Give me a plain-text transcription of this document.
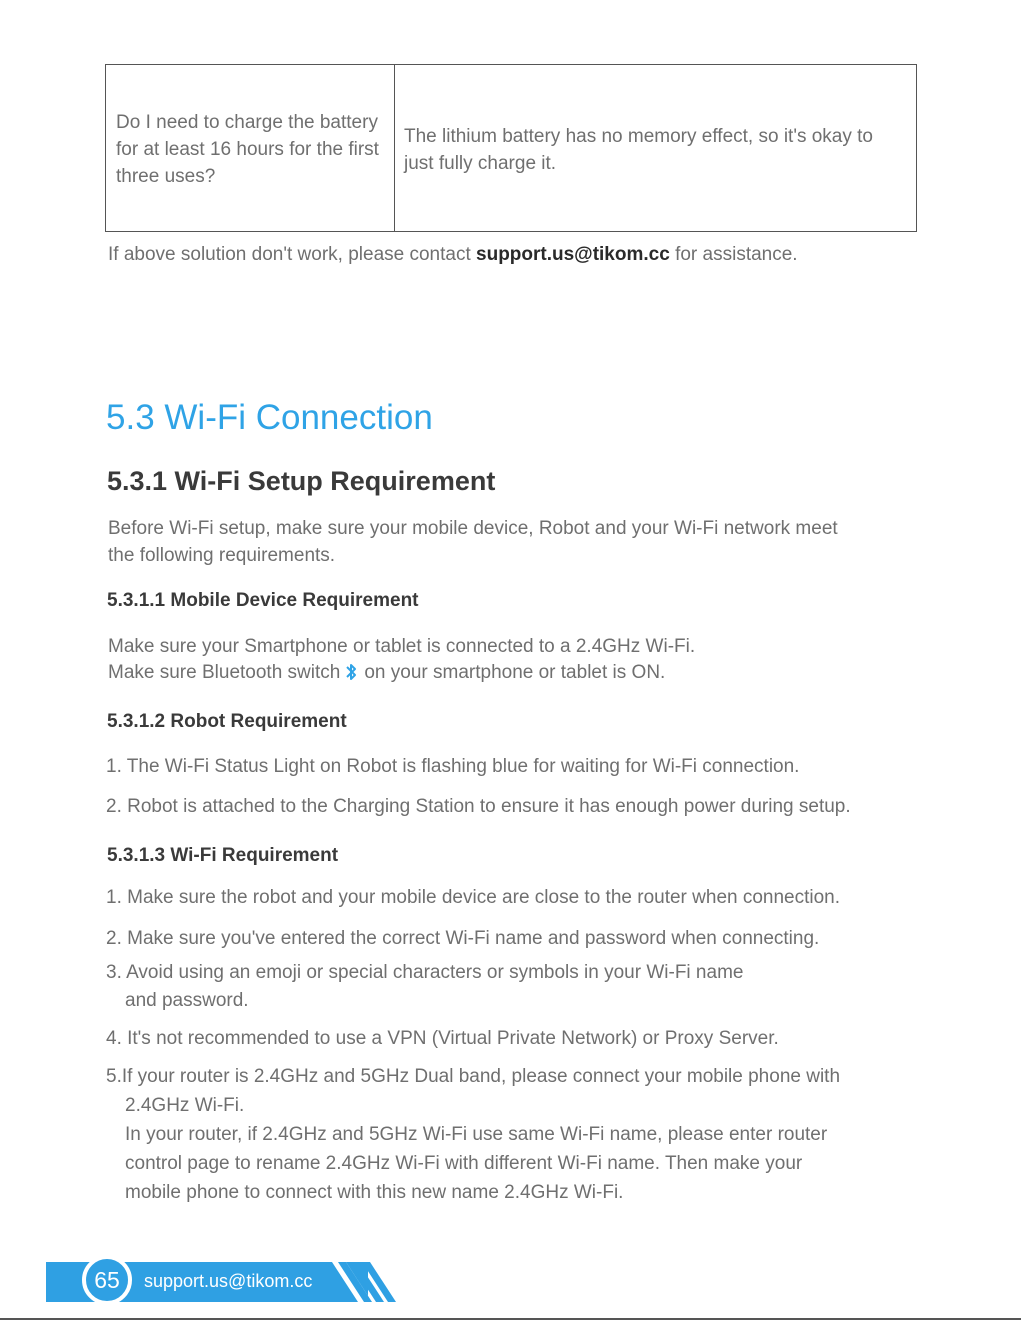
Do I need to charge the battery for at least 16 hours for the first three uses?
The lithium battery has no memory effect, so it's okay to just fully charge it.
If above solution don't work, please contact support.us@tikom.cc for assistance.
5.3 Wi-Fi Connection
5.3.1 Wi-Fi Setup Requirement
Before Wi-Fi setup, make sure your mobile device, Robot and your Wi-Fi network meet
the following requirements.
5.3.1.1 Mobile Device Requirement
Make sure your Smartphone or tablet is connected to a 2.4GHz Wi-Fi.
Make sure Bluetooth switch on your smartphone or tablet is ON.
5.3.1.2 Robot Requirement
1. The Wi-Fi Status Light on Robot is flashing blue for waiting for Wi-Fi connection.
2. Robot is attached to the Charging Station to ensure it has enough power during setup.
5.3.1.3 Wi-Fi Requirement
1. Make sure the robot and your mobile device are close to the router when connection.
2. Make sure you've entered the correct Wi-Fi name and password when connecting.
3. Avoid using an emoji or special characters or symbols in your Wi-Fi name
and password.
4. It's not recommended to use a VPN (Virtual Private Network) or Proxy Server.
5.If your router is 2.4GHz and 5GHz Dual band, please connect your mobile phone with
2.4GHz Wi-Fi.
In your router, if 2.4GHz and 5GHz Wi-Fi use same Wi-Fi name, please enter router
control page to rename 2.4GHz Wi-Fi with different Wi-Fi name. Then make your
mobile phone to connect with this new name 2.4GHz Wi-Fi.
65	support.us@tikom.cc
